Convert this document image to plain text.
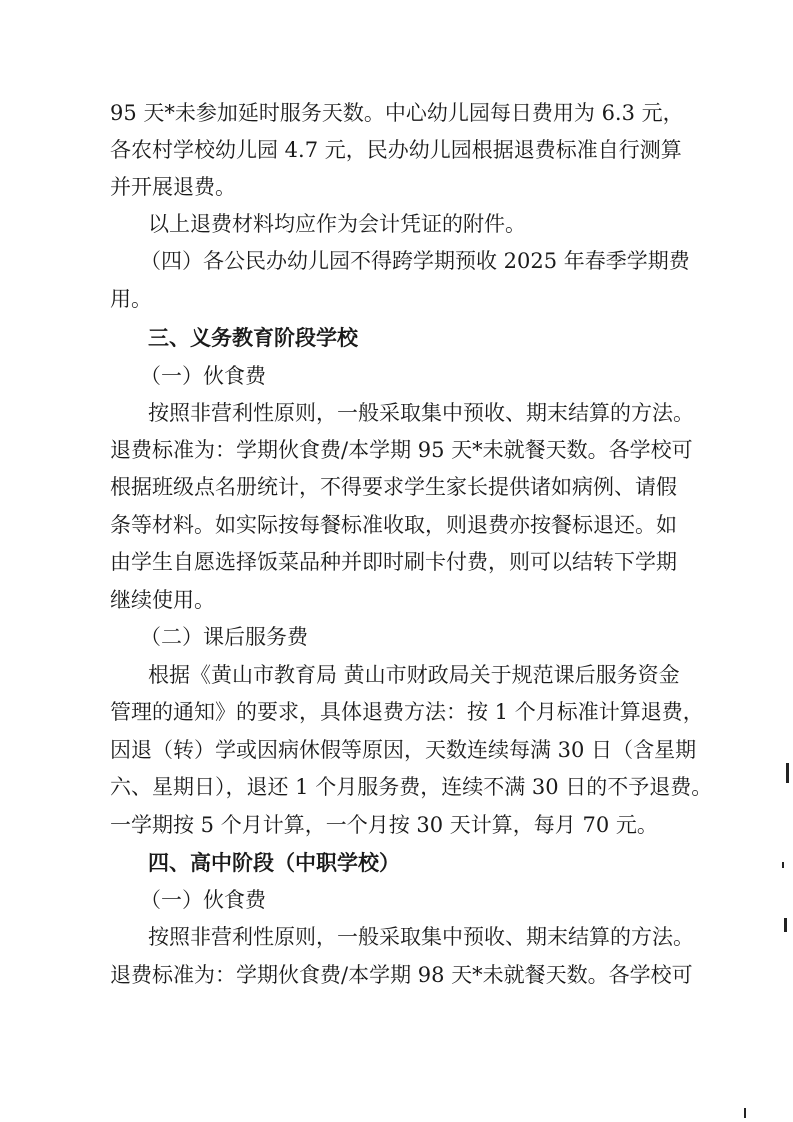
95 天*未参加延时服务天数。中心幼儿园每日费用为 6.3 元，
各农村学校幼儿园 4.7 元，民办幼儿园根据退费标准自行测算
并开展退费。
以上退费材料均应作为会计凭证的附件。
（四）各公民办幼儿园不得跨学期预收 2025 年春季学期费
用。
三、义务教育阶段学校
（一）伙食费
按照非营利性原则，一般采取集中预收、期末结算的方法。
退费标准为：学期伙食费/本学期 95 天*未就餐天数。各学校可
根据班级点名册统计，不得要求学生家长提供诸如病例、请假
条等材料。如实际按每餐标准收取，则退费亦按餐标退还。如
由学生自愿选择饭菜品种并即时刷卡付费，则可以结转下学期
继续使用。
（二）课后服务费
根据《黄山市教育局 黄山市财政局关于规范课后服务资金
管理的通知》的要求，具体退费方法：按 1 个月标准计算退费，
因退（转）学或因病休假等原因，天数连续每满 30 日（含星期
六、星期日），退还 1 个月服务费，连续不满 30 日的不予退费。
一学期按 5 个月计算，一个月按 30 天计算，每月 70 元。
四、高中阶段（中职学校）
（一）伙食费
按照非营利性原则，一般采取集中预收、期末结算的方法。
退费标准为：学期伙食费/本学期 98 天*未就餐天数。各学校可
